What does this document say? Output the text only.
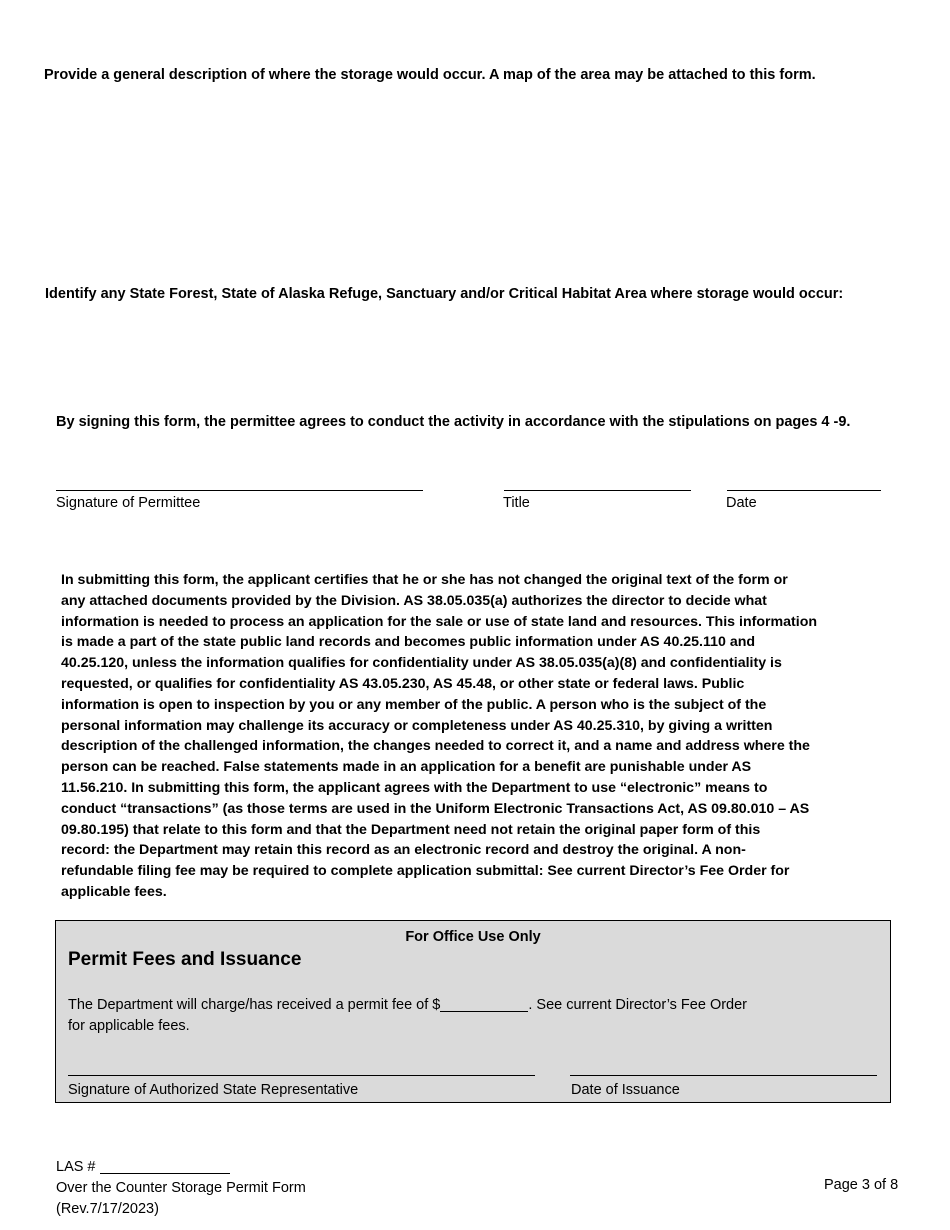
Provide a general description of where the storage would occur. A map of the area may be attached to this form.
Identify any State Forest, State of Alaska Refuge, Sanctuary and/or Critical Habitat Area where storage would occur:
By signing this form, the permittee agrees to conduct the activity in accordance with the stipulations on pages 4 -9.
Signature of Permittee	Title	Date
In submitting this form, the applicant certifies that he or she has not changed the original text of the form or
any attached documents provided by the Division. AS 38.05.035(a) authorizes the director to decide what
information is needed to process an application for the sale or use of state land and resources. This information
is made a part of the state public land records and becomes public information under AS 40.25.110 and
40.25.120, unless the information qualifies for confidentiality under AS 38.05.035(a)(8) and confidentiality is
requested, or qualifies for confidentiality AS 43.05.230, AS 45.48, or other state or federal laws. Public
information is open to inspection by you or any member of the public. A person who is the subject of the
personal information may challenge its accuracy or completeness under AS 40.25.310, by giving a written
description of the challenged information, the changes needed to correct it, and a name and address where the
person can be reached. False statements made in an application for a benefit are punishable under AS
11.56.210. In submitting this form, the applicant agrees with the Department to use “electronic” means to
conduct “transactions” (as those terms are used in the Uniform Electronic Transactions Act, AS 09.80.010 – AS
09.80.195) that relate to this form and that the Department need not retain the original paper form of this
record: the Department may retain this record as an electronic record and destroy the original. A non-
refundable filing fee may be required to complete application submittal: See current Director’s Fee Order for
applicable fees.
For Office Use Only
Permit Fees and Issuance
The Department will charge/has received a permit fee of $	. See current Director’s Fee Order
for applicable fees.
Signature of Authorized State Representative	Date of Issuance
LAS #
Over the Counter Storage Permit Form
(Rev.7/17/2023)
Page 3 of 8
